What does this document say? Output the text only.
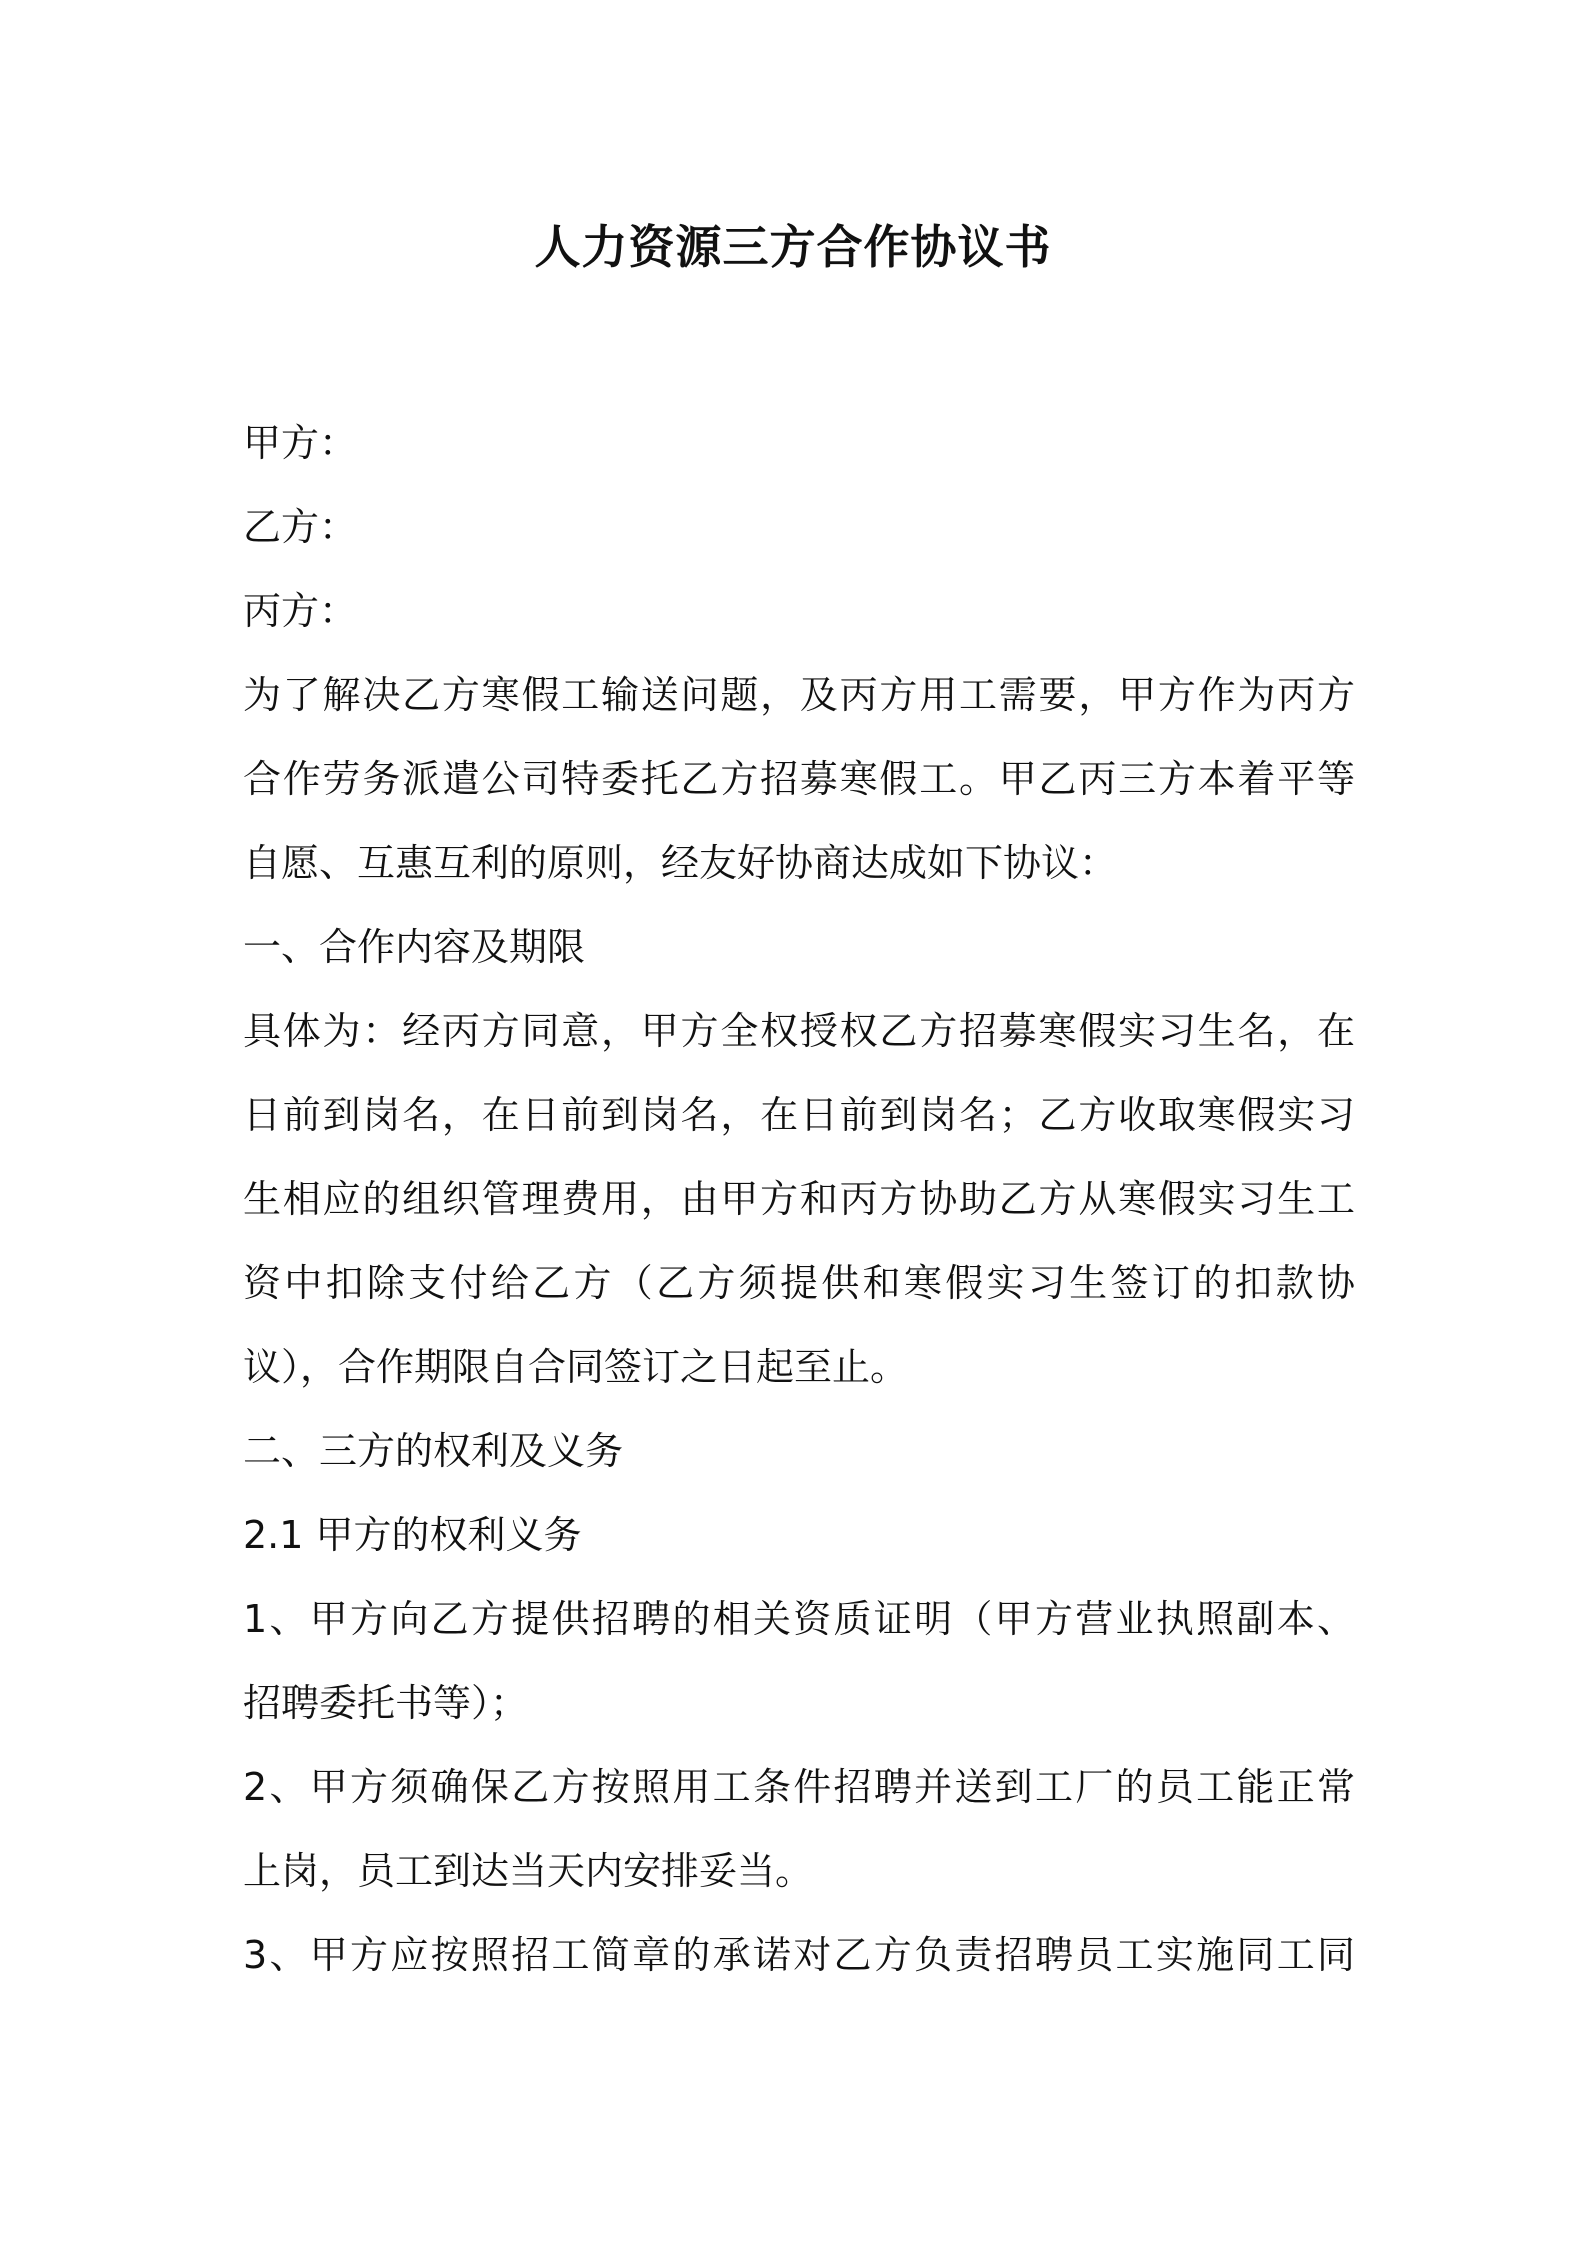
人力资源三方合作协议书
甲方：
乙方：
丙方：
为了解决乙方寒假工输送问题，及丙方用工需要，甲方作为丙方
合作劳务派遣公司特委托乙方招募寒假工。甲乙丙三方本着平等
自愿、互惠互利的原则，经友好协商达成如下协议：
一、合作内容及期限
具体为：经丙方同意，甲方全权授权乙方招募寒假实习生名，在
日前到岗名，在日前到岗名，在日前到岗名；乙方收取寒假实习
生相应的组织管理费用，由甲方和丙方协助乙方从寒假实习生工
资中扣除支付给乙方（乙方须提供和寒假实习生签订的扣款协
议），合作期限自合同签订之日起至止。
二、三方的权利及义务
2.1 甲方的权利义务
1、甲方向乙方提供招聘的相关资质证明（甲方营业执照副本、
招聘委托书等）；
2、甲方须确保乙方按照用工条件招聘并送到工厂的员工能正常
上岗，员工到达当天内安排妥当。
3、甲方应按照招工简章的承诺对乙方负责招聘员工实施同工同
